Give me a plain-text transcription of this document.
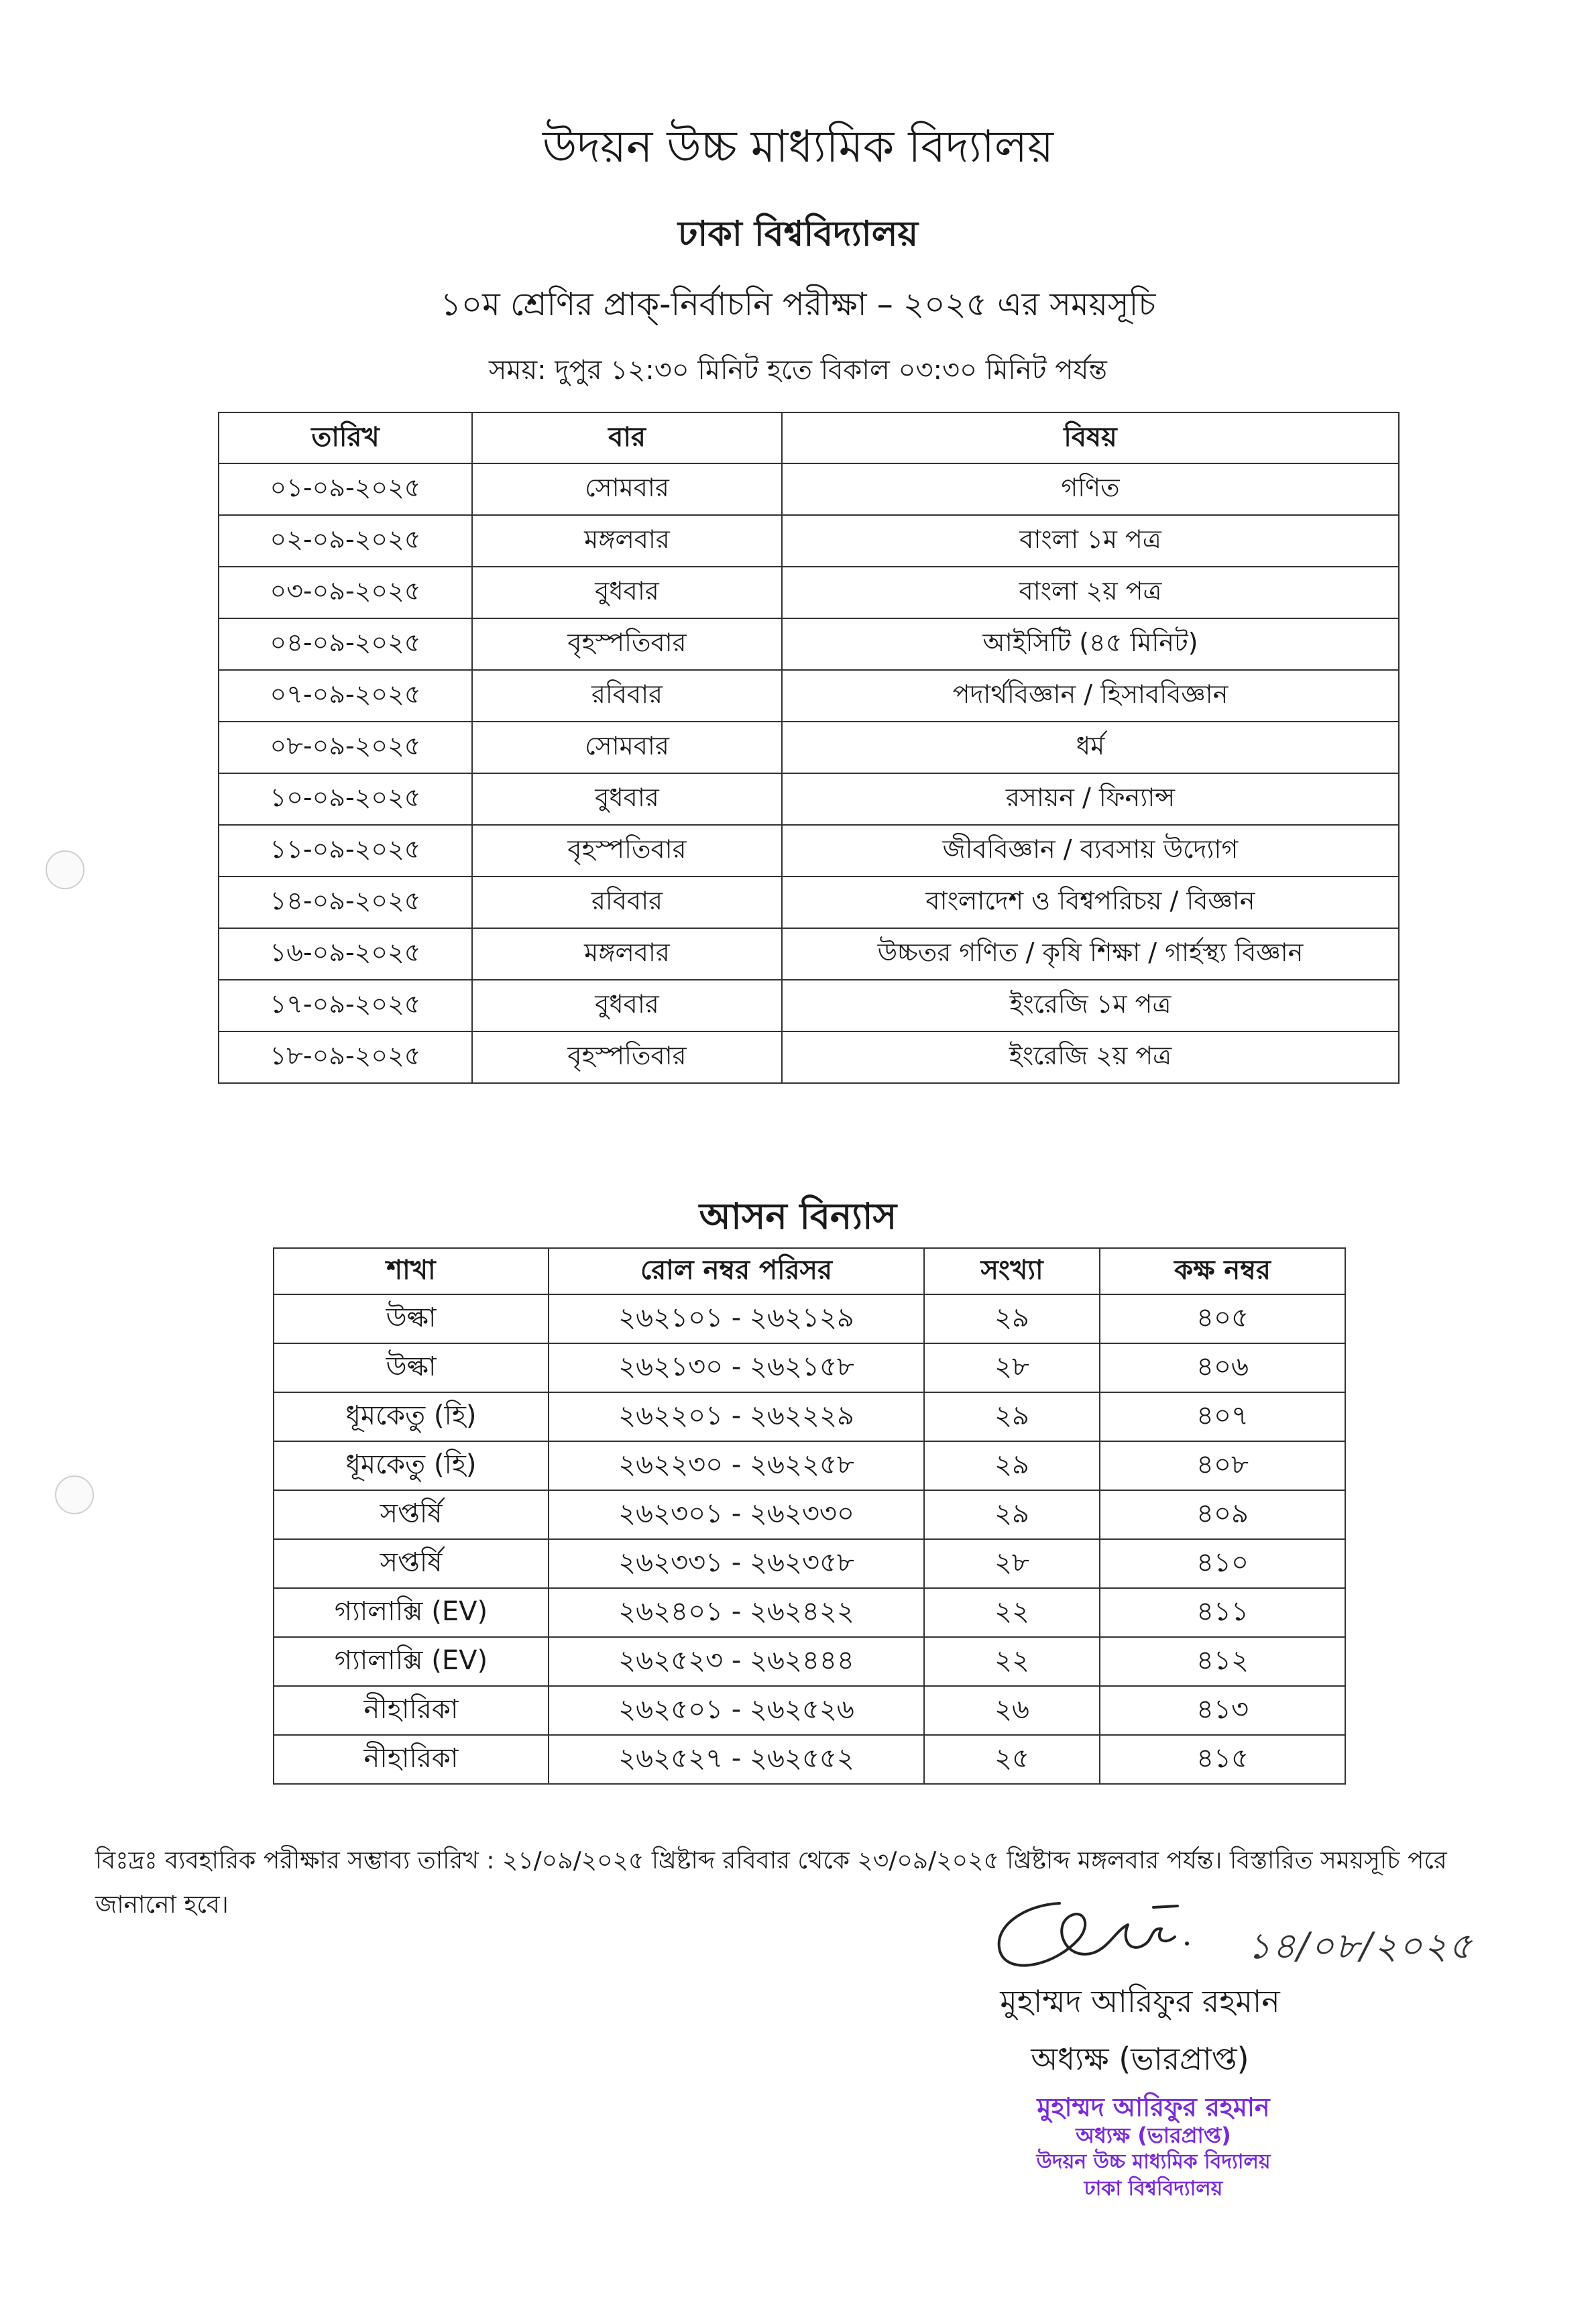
উদয়ন উচ্চ মাধ্যমিক বিদ্যালয়
ঢাকা বিশ্ববিদ্যালয়
১০ম শ্রেণির প্রাক্-নির্বাচনি পরীক্ষা – ২০২৫ এর সময়সূচি
সময়: দুপুর ১২:৩০ মিনিট হতে বিকাল ০৩:৩০ মিনিট পর্যন্ত
তারিখ	বার	বিষয়
০১-০৯-২০২৫	সোমবার	গণিত
০২-০৯-২০২৫	মঙ্গলবার	বাংলা ১ম পত্র
০৩-০৯-২০২৫	বুধবার	বাংলা ২য় পত্র
০৪-০৯-২০২৫	বৃহস্পতিবার	আইসিটি (৪৫ মিনিট)
০৭-০৯-২০২৫	রবিবার	পদার্থবিজ্ঞান / হিসাববিজ্ঞান
০৮-০৯-২০২৫	সোমবার	ধর্ম
১০-০৯-২০২৫	বুধবার	রসায়ন / ফিন্যান্স
১১-০৯-২০২৫	বৃহস্পতিবার	জীববিজ্ঞান / ব্যবসায় উদ্যোগ
১৪-০৯-২০২৫	রবিবার	বাংলাদেশ ও বিশ্বপরিচয় / বিজ্ঞান
১৬-০৯-২০২৫	মঙ্গলবার	উচ্চতর গণিত / কৃষি শিক্ষা / গার্হস্থ্য বিজ্ঞান
১৭-০৯-২০২৫	বুধবার	ইংরেজি ১ম পত্র
১৮-০৯-২০২৫	বৃহস্পতিবার	ইংরেজি ২য় পত্র
আসন বিন্যাস
শাখা	রোল নম্বর পরিসর	সংখ্যা	কক্ষ নম্বর
উল্কা	২৬২১০১ - ২৬২১২৯	২৯	৪০৫
উল্কা	২৬২১৩০ - ২৬২১৫৮	২৮	৪০৬
ধূমকেতু (হি)	২৬২২০১ - ২৬২২২৯	২৯	৪০৭
ধূমকেতু (হি)	২৬২২৩০ - ২৬২২৫৮	২৯	৪০৮
সপ্তর্ষি	২৬২৩০১ - ২৬২৩৩০	২৯	৪০৯
সপ্তর্ষি	২৬২৩৩১ - ২৬২৩৫৮	২৮	৪১০
গ্যালাক্সি (EV)	২৬২৪০১ - ২৬২৪২২	২২	৪১১
গ্যালাক্সি (EV)	২৬২৫২৩ - ২৬২৪৪৪	২২	৪১২
নীহারিকা	২৬২৫০১ - ২৬২৫২৬	২৬	৪১৩
নীহারিকা	২৬২৫২৭ - ২৬২৫৫২	২৫	৪১৫
বিঃদ্রঃ ব্যবহারিক পরীক্ষার সম্ভাব্য তারিখ : ২১/০৯/২০২৫ খ্রিষ্টাব্দ রবিবার থেকে ২৩/০৯/২০২৫ খ্রিষ্টাব্দ মঙ্গলবার পর্যন্ত। বিস্তারিত সময়সূচি পরে জানানো হবে।
১৪/০৮/২০২৫
মুহাম্মদ আরিফুর রহমান
অধ্যক্ষ (ভারপ্রাপ্ত)
মুহাম্মদ আরিফুর রহমান
অধ্যক্ষ (ভারপ্রাপ্ত)
উদয়ন উচ্চ মাধ্যমিক বিদ্যালয়
ঢাকা বিশ্ববিদ্যালয়
